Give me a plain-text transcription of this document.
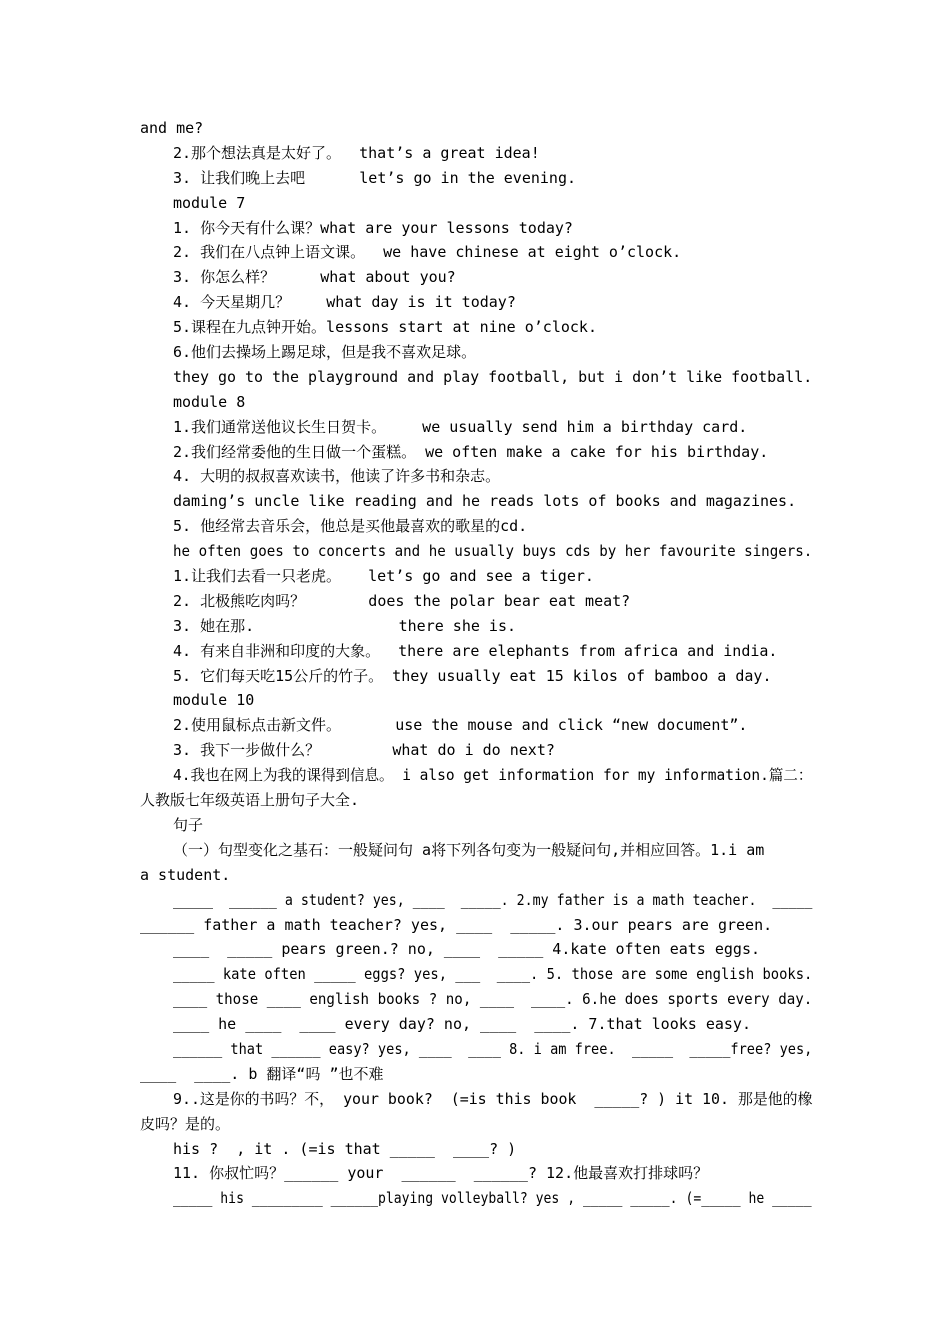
and me?
2.那个想法真是太好了。  that’s a great idea!
3. 让我们晚上去吧      let’s go in the evening.
module 7
1. 你今天有什么课？what are your lessons today?
2. 我们在八点钟上语文课。  we have chinese at eight o’clock.
3. 你怎么样？     what about you?
4. 今天星期几？    what day is it today?
5.课程在九点钟开始。lessons start at nine o’clock.
6.他们去操场上踢足球，但是我不喜欢足球。
they go to the playground and play football, but i don’t like football.
module 8
1.我们通常送他议长生日贺卡。    we usually send him a birthday card.
2.我们经常委他的生日做一个蛋糕。 we often make a cake for his birthday.
4. 大明的叔叔喜欢读书，他读了许多书和杂志。
daming’s uncle like reading and he reads lots of books and magazines.
5. 他经常去音乐会，他总是买他最喜欢的歌星的cd.
he often goes to concerts and he usually buys cds by her favourite singers.
1.让我们去看一只老虎。   let’s go and see a tiger.
2. 北极熊吃肉吗？       does the polar bear eat meat?
3. 她在那.                there she is.
4. 有来自非洲和印度的大象。  there are elephants from africa and india.
5. 它们每天吃15公斤的竹子。 they usually eat 15 kilos of bamboo a day.
module 10
2.使用鼠标点击新文件。      use the mouse and click “new document”.
3. 我下一步做什么？        what do i do next?
4.我也在网上为我的课得到信息。 i also get information for my information.篇二：
人教版七年级英语上册句子大全.
句子
（一）句型变化之基石：一般疑问句 a将下列各句变为一般疑问句,并相应回答。1.i am
a student.
_____  ______ a student? yes, ____  _____. 2.my father is a math teacher.  _____
______ father a math teacher? yes, ____  _____. 3.our pears are green.
____  _____ pears green.? no, ____  _____ 4.kate often eats eggs.
_____ kate often _____ eggs? yes, ___  ____. 5. those are some english books.
____ those ____ english books ? no, ____  ____. 6.he does sports every day.
____ he ____  ____ every day? no, ____  ____. 7.that looks easy.
______ that ______ easy? yes, ____  ____ 8. i am free.  _____  _____free? yes,
____  ____. b 翻译“吗 ”也不难
9..这是你的书吗？不， your book?  (=is this book  _____? ) it 10. 那是他的橡
皮吗？是的。
his ?  , it . (=is that _____  ____? )
11. 你叔忙吗？______ your  ______  ______? 12.他最喜欢打排球吗？
_____ his _________ ______playing volleyball? yes , _____ _____. (=_____ he _____
